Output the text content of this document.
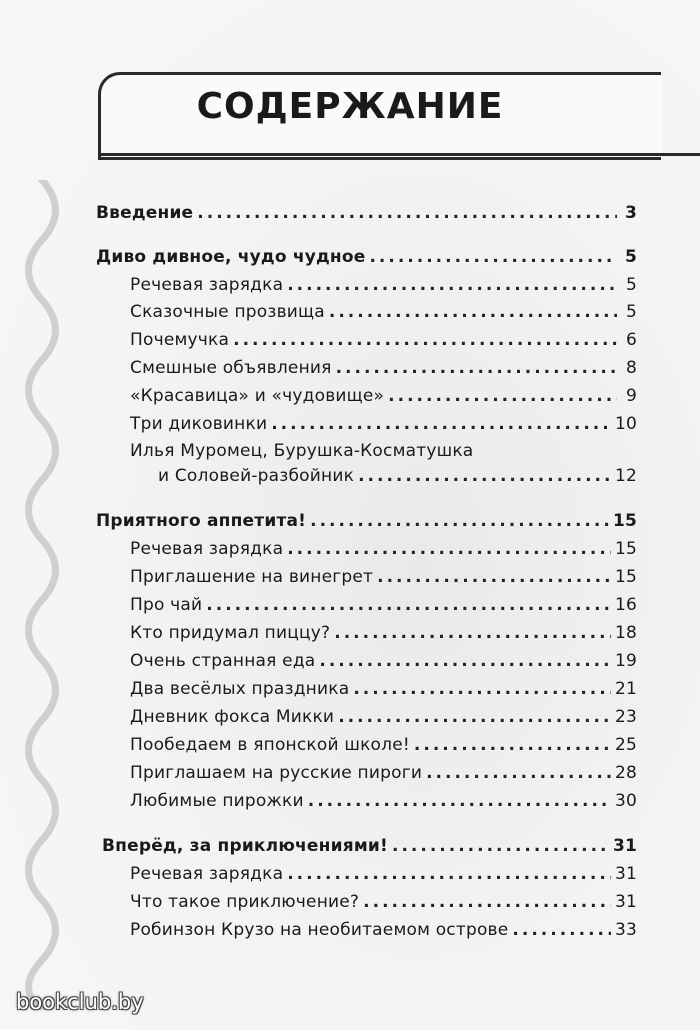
СОДЕРЖАНИЕ
Введение .....	3
Диво дивное, чудо чудное .....	5
Речевая зарядка .....	5
Сказочные прозвища .....	5
Почемучка .....	6
Смешные объявления .....	8
«Красавица» и «чудовище» .....	9
Три диковинки .....	10
Илья Муромец, Бурушка-Косматушка
и Соловей-разбойник .....	12
Приятного аппетита! .....	15
Речевая зарядка .....	15
Приглашение на винегрет .....	15
Про чай .....	16
Кто придумал пиццу? .....	18
Очень странная еда .....	19
Два весёлых праздника .....	21
Дневник фокса Микки .....	23
Пообедаем в японской школе! .....	25
Приглашаем на русские пироги .....	28
Любимые пирожки .....	30
Вперёд, за приключениями! .....	31
Речевая зарядка .....	31
Что такое приключение? .....	31
Робинзон Крузо на необитаемом острове .....	33
bookclub.by
